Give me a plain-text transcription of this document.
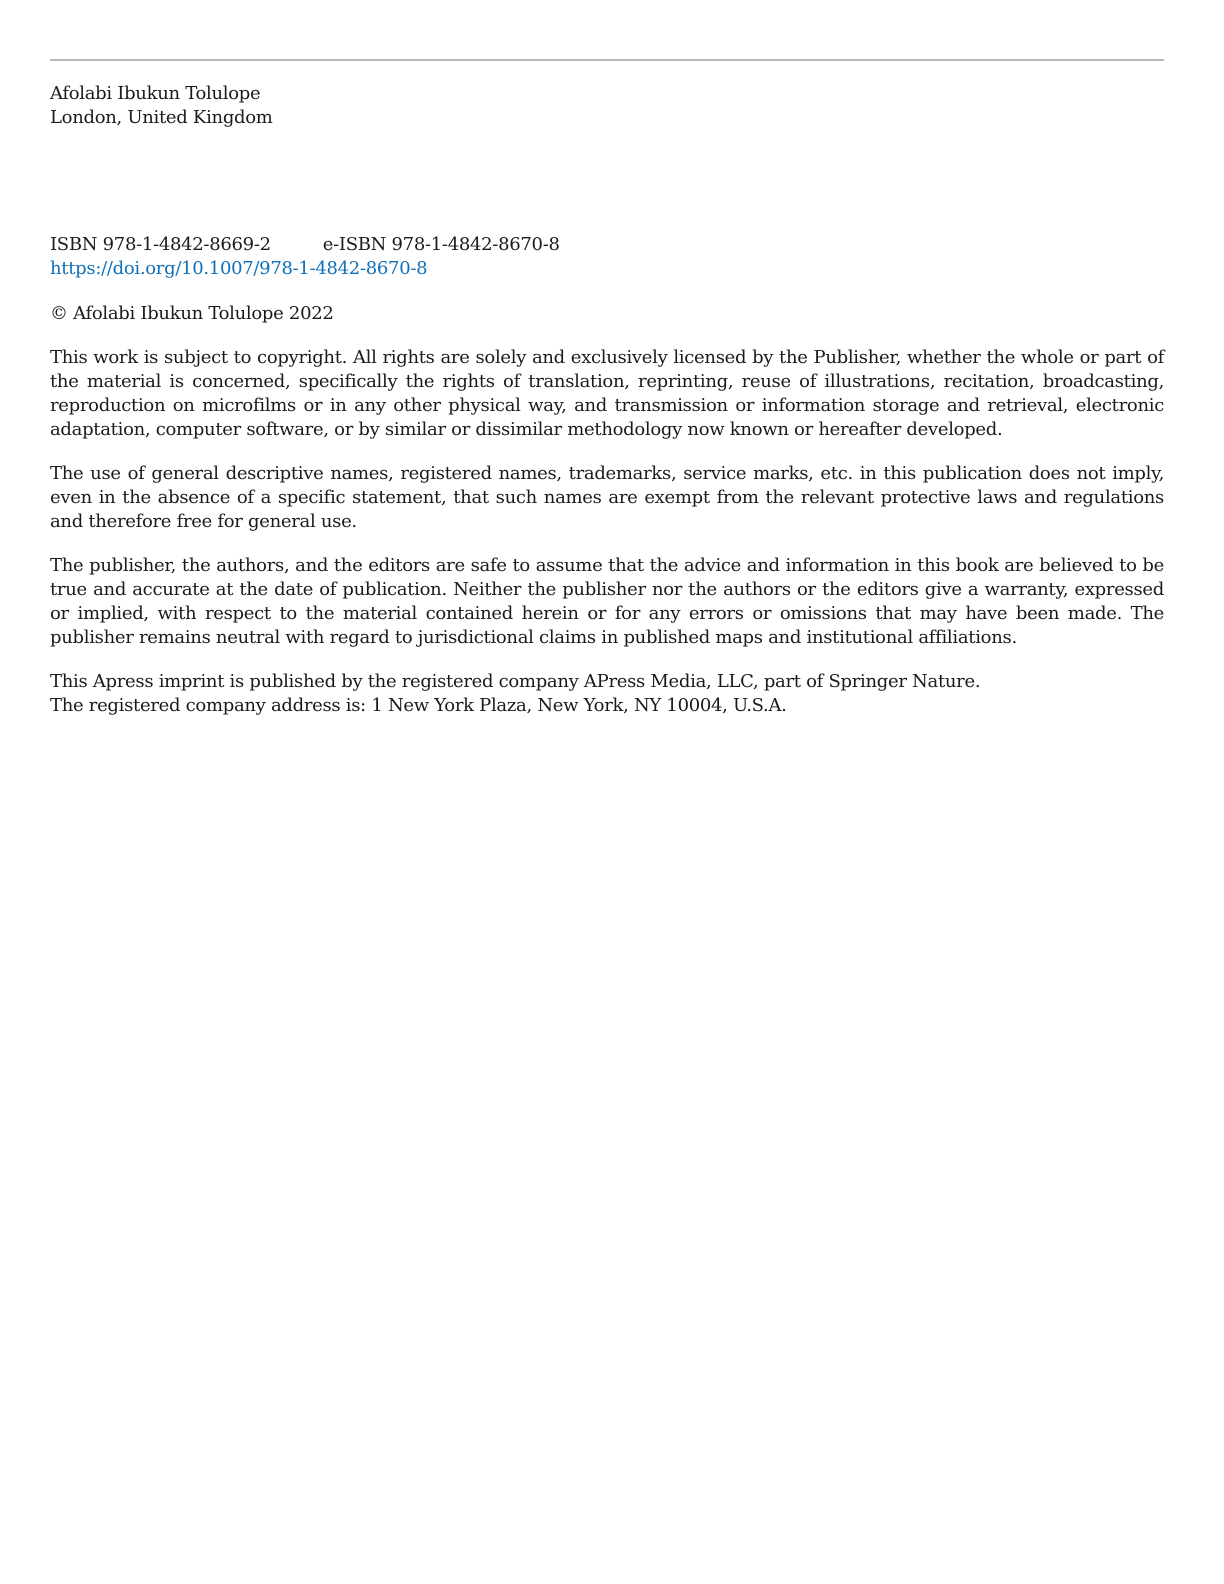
Afolabi Ibukun Tolulope
London, United Kingdom
ISBN 978-1-4842-8669-2	e-ISBN 978-1-4842-8670-8
https://doi.org/10.1007/978-1-4842-8670-8
© Afolabi Ibukun Tolulope 2022
This work is subject to copyright. All rights are solely and exclusively licensed by the Publisher, whether the whole or part of the material is concerned, specifically the rights of translation, reprinting, reuse of illustrations, recitation, broadcasting, reproduction on microfilms or in any other physical way, and transmission or information storage and retrieval, electronic adaptation, computer software, or by similar or dissimilar methodology now known or hereafter developed.
The use of general descriptive names, registered names, trademarks, service marks, etc. in this publication does not imply, even in the absence of a specific statement, that such names are exempt from the relevant protective laws and regulations and therefore free for general use.
The publisher, the authors, and the editors are safe to assume that the advice and information in this book are believed to be true and accurate at the date of publication. Neither the publisher nor the authors or the editors give a warranty, expressed or implied, with respect to the material contained herein or for any errors or omissions that may have been made. The publisher remains neutral with regard to jurisdictional claims in published maps and institutional affiliations.
This Apress imprint is published by the registered company APress Media, LLC, part of Springer Nature.
The registered company address is: 1 New York Plaza, New York, NY 10004, U.S.A.
